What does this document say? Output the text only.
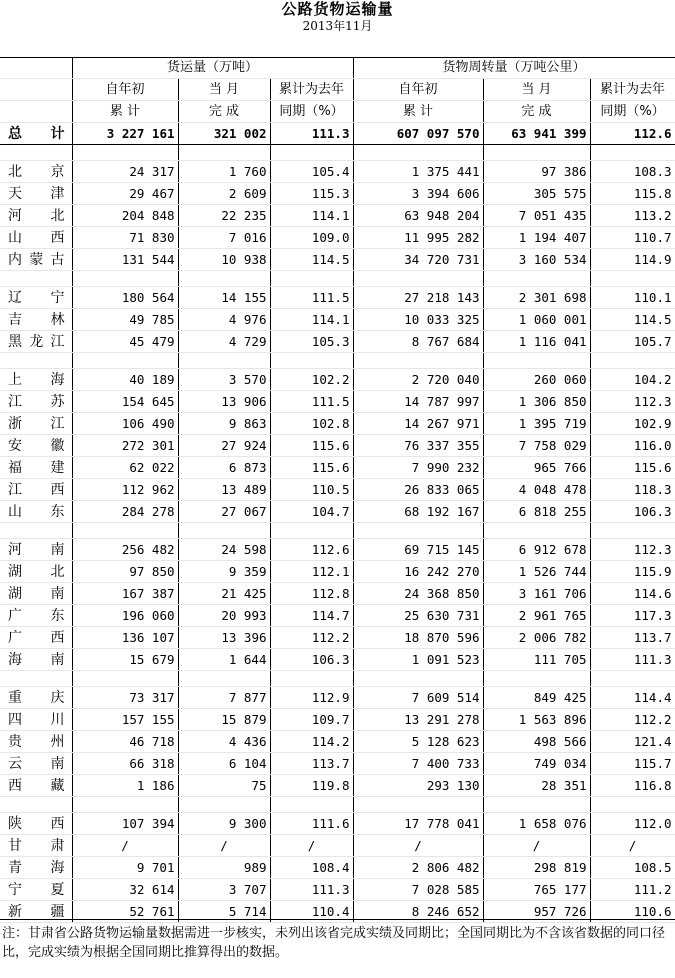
公路货物运输量
2013年11月
	货运量（万吨）			货物周转量（万吨公里）		
	自年初	当 月	累计为去年	自年初	当 月	累计为去年
	累 计	完 成	同期（%）	累 计	完 成	同期（%）
总 计	3 227 161	321 002	111.3	607 097 570	63 941 399	112.6

北京	24 317	1 760	105.4	1 375 441	97 386	108.3
天津	29 467	2 609	115.3	3 394 606	305 575	115.8
河北	204 848	22 235	114.1	63 948 204	7 051 435	113.2
山西	71 830	7 016	109.0	11 995 282	1 194 407	110.7
内蒙古	131 544	10 938	114.5	34 720 731	3 160 534	114.9

辽宁	180 564	14 155	111.5	27 218 143	2 301 698	110.1
吉林	49 785	4 976	114.1	10 033 325	1 060 001	114.5
黑龙江	45 479	4 729	105.3	8 767 684	1 116 041	105.7

上海	40 189	3 570	102.2	2 720 040	260 060	104.2
江苏	154 645	13 906	111.5	14 787 997	1 306 850	112.3
浙江	106 490	9 863	102.8	14 267 971	1 395 719	102.9
安徽	272 301	27 924	115.6	76 337 355	7 758 029	116.0
福建	62 022	6 873	115.6	7 990 232	965 766	115.6
江西	112 962	13 489	110.5	26 833 065	4 048 478	118.3
山东	284 278	27 067	104.7	68 192 167	6 818 255	106.3

河南	256 482	24 598	112.6	69 715 145	6 912 678	112.3
湖北	97 850	9 359	112.1	16 242 270	1 526 744	115.9
湖南	167 387	21 425	112.8	24 368 850	3 161 706	114.6
广东	196 060	20 993	114.7	25 630 731	2 961 765	117.3
广西	136 107	13 396	112.2	18 870 596	2 006 782	113.7
海南	15 679	1 644	106.3	1 091 523	111 705	111.3

重庆	73 317	7 877	112.9	7 609 514	849 425	114.4
四川	157 155	15 879	109.7	13 291 278	1 563 896	112.2
贵州	46 718	4 436	114.2	5 128 623	498 566	121.4
云南	66 318	6 104	113.7	7 400 733	749 034	115.7
西藏	1 186	75	119.8	293 130	28 351	116.8

陕西	107 394	9 300	111.6	17 778 041	1 658 076	112.0
甘肃	/	/	/	/	/	/
青海	9 701	989	108.4	2 806 482	298 819	108.5
宁夏	32 614	3 707	111.3	7 028 585	765 177	111.2
新疆	52 761	5 714	110.4	8 246 652	957 726	110.6
注：甘肃省公路货物运输量数据需进一步核实，未列出该省完成实绩及同期比；全国同期比为不含该省数据的同口径比，完成实绩为根据全国同期比推算得出的数据。
